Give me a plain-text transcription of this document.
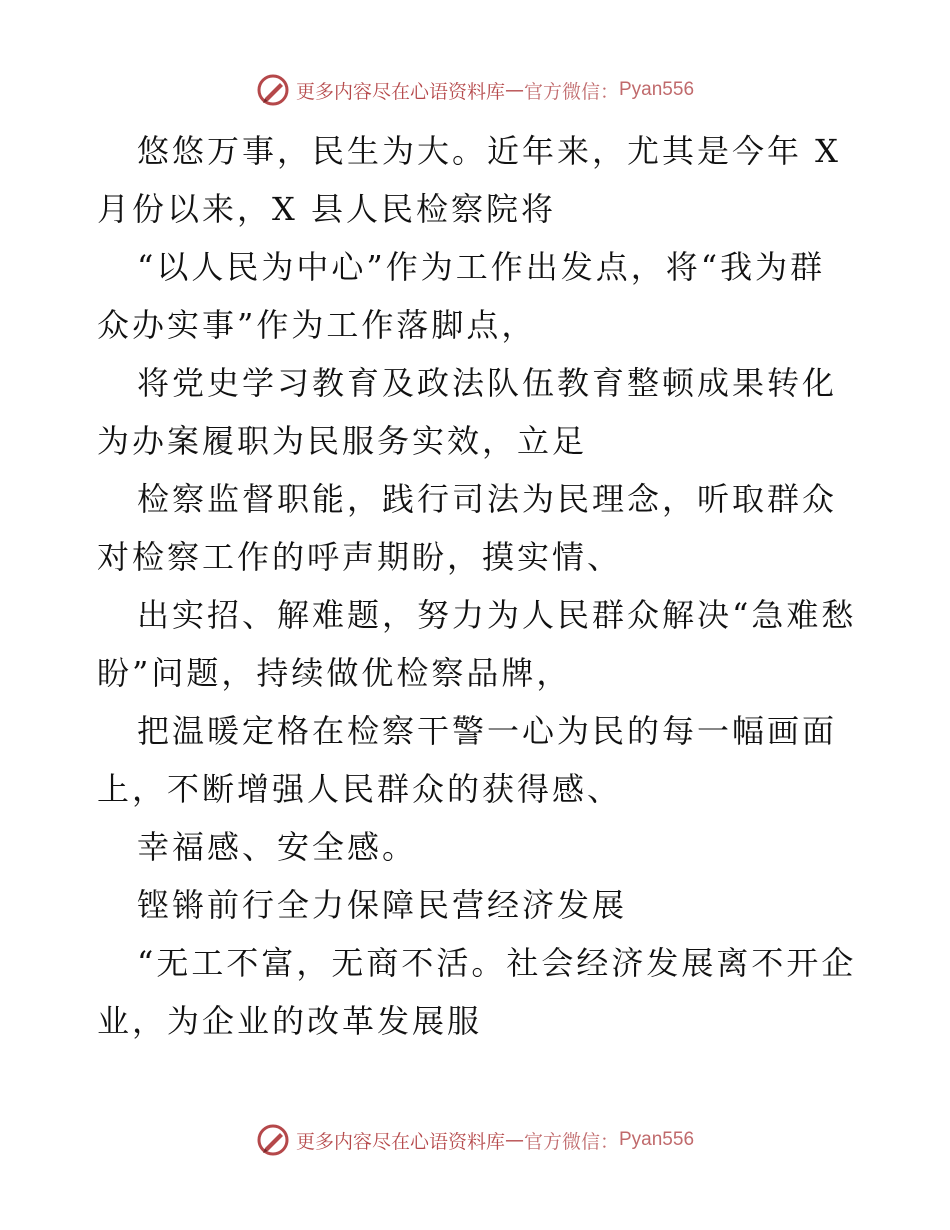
更多内容尽在心语资料库 — 官方微信： Pyan556

悠悠万事，民生为大。近年来，尤其是今年 X 月份以来，X 县人民检察院将

“以人民为中心”作为工作出发点，将“我为群众办实事”作为工作落脚点，

将党史学习教育及政法队伍教育整顿成果转化为办案履职为民服务实效，立足

检察监督职能，践行司法为民理念，听取群众对检察工作的呼声期盼，摸实情、

出实招、解难题，努力为人民群众解决“急难愁盼”问题，持续做优检察品牌，

把温暖定格在检察干警一心为民的每一幅画面上，不断增强人民群众的获得感、

幸福感、安全感。

铿锵前行全力保障民营经济发展

“无工不富，无商不活。社会经济发展离不开企业，为企业的改革发展服

更多内容尽在心语资料库 — 官方微信： Pyan556
